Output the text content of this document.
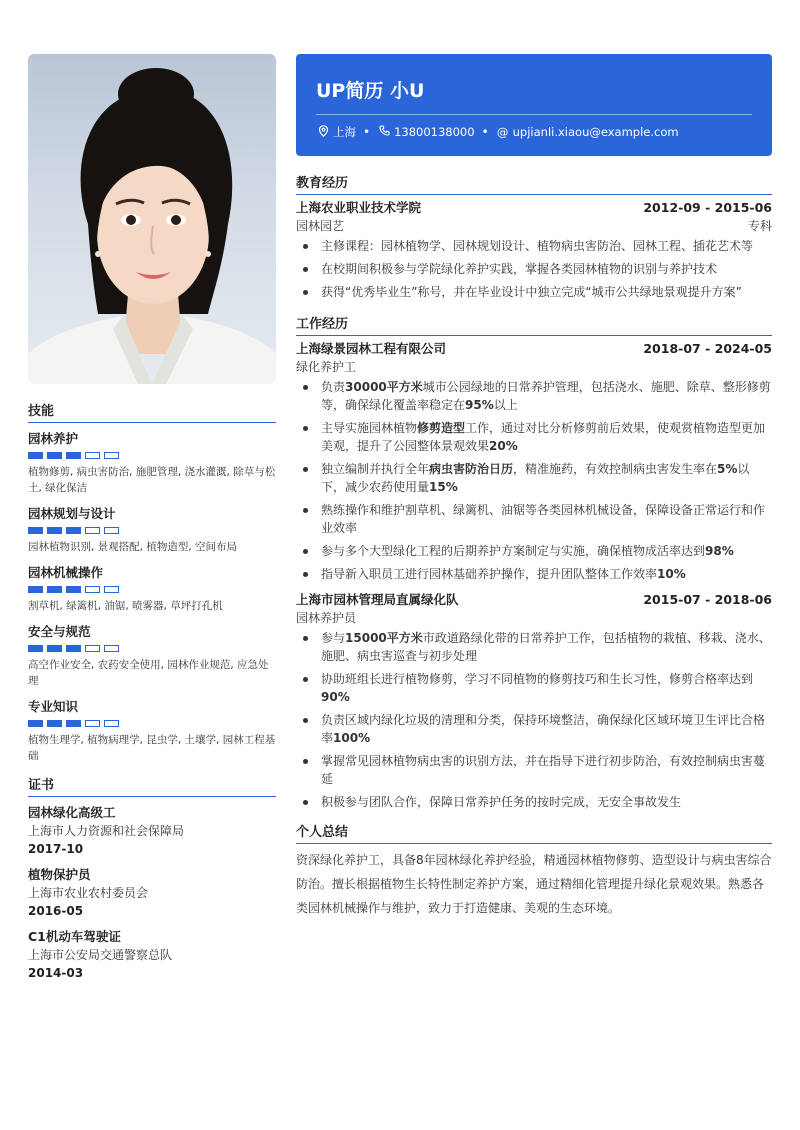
技能
园林养护
植物修剪, 病虫害防治, 施肥管理, 浇水灌溉, 除草与松土, 绿化保洁
园林规划与设计
园林植物识别, 景观搭配, 植物造型, 空间布局
园林机械操作
割草机, 绿篱机, 油锯, 喷雾器, 草坪打孔机
安全与规范
高空作业安全, 农药安全使用, 园林作业规范, 应急处理
专业知识
植物生理学, 植物病理学, 昆虫学, 土壤学, 园林工程基础
证书
园林绿化高级工
上海市人力资源和社会保障局
2017-10
植物保护员
上海市农业农村委员会
2016-05
C1机动车驾驶证
上海市公安局交通警察总队
2014-03
UP简历 小U
上海 • 13800138000 • @ upjianli.xiaou@example.com
教育经历
上海农业职业技术学院	2012-09 - 2015-06
园林园艺	专科
主修课程：园林植物学、园林规划设计、植物病虫害防治、园林工程、插花艺术等
在校期间积极参与学院绿化养护实践，掌握各类园林植物的识别与养护技术
获得“优秀毕业生”称号，并在毕业设计中独立完成“城市公共绿地景观提升方案”
工作经历
上海绿景园林工程有限公司	2018-07 - 2024-05
绿化养护工
负责30000平方米城市公园绿地的日常养护管理，包括浇水、施肥、除草、整形修剪等，确保绿化覆盖率稳定在95%以上
主导实施园林植物修剪造型工作，通过对比分析修剪前后效果，使观赏植物造型更加美观，提升了公园整体景观效果20%
独立编制并执行全年病虫害防治日历，精准施药，有效控制病虫害发生率在5%以下，减少农药使用量15%
熟练操作和维护割草机、绿篱机、油锯等各类园林机械设备，保障设备正常运行和作业效率
参与多个大型绿化工程的后期养护方案制定与实施，确保植物成活率达到98%
指导新入职员工进行园林基础养护操作，提升团队整体工作效率10%
上海市园林管理局直属绿化队	2015-07 - 2018-06
园林养护员
参与15000平方米市政道路绿化带的日常养护工作，包括植物的栽植、移栽、浇水、施肥、病虫害巡查与初步处理
协助班组长进行植物修剪，学习不同植物的修剪技巧和生长习性，修剪合格率达到90%
负责区域内绿化垃圾的清理和分类，保持环境整洁，确保绿化区域环境卫生评比合格率100%
掌握常见园林植物病虫害的识别方法，并在指导下进行初步防治，有效控制病虫害蔓延
积极参与团队合作，保障日常养护任务的按时完成，无安全事故发生
个人总结
资深绿化养护工，具备8年园林绿化养护经验，精通园林植物修剪、造型设计与病虫害综合防治。擅长根据植物生长特性制定养护方案，通过精细化管理提升绿化景观效果。熟悉各类园林机械操作与维护，致力于打造健康、美观的生态环境。
